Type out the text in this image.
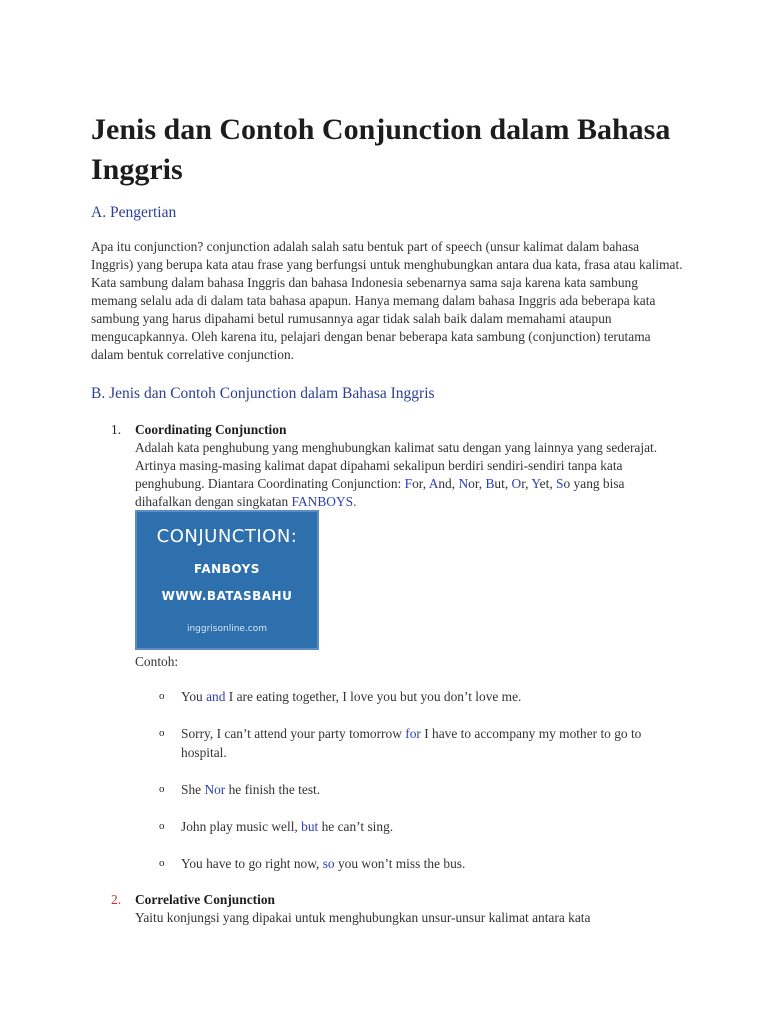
Jenis dan Contoh Conjunction dalam Bahasa Inggris
A. Pengertian

Apa itu conjunction? conjunction adalah salah satu bentuk part of speech (unsur kalimat dalam bahasa Inggris) yang berupa kata atau frase yang berfungsi untuk menghubungkan antara dua kata, frasa atau kalimat. Kata sambung dalam bahasa Inggris dan bahasa Indonesia sebenarnya sama saja karena kata sambung memang selalu ada di dalam tata bahasa apapun. Hanya memang dalam bahasa Inggris ada beberapa kata sambung yang harus dipahami betul rumusannya agar tidak salah baik dalam memahami ataupun mengucapkannya. Oleh karena itu, pelajari dengan benar beberapa kata sambung (conjunction) terutama dalam bentuk correlative conjunction.

B. Jenis dan Contoh Conjunction dalam Bahasa Inggris
1. Coordinating Conjunction

Adalah kata penghubung yang menghubungkan kalimat satu dengan yang lainnya yang sederajat. Artinya masing-masing kalimat dapat dipahami sekalipun berdiri sendiri-sendiri tanpa kata penghubung. Diantara Coordinating Conjunction: For, And, Nor, But, Or, Yet, So yang bisa dihafalkan dengan singkatan FANBOYS.

CONJUNCTION:
FANBOYS
WWW.BATASBAHU
inggrisonline.com
Contoh:
o You and I are eating together, I love you but you don’t love me.

o Sorry, I can’t attend your party tomorrow for I have to accompany my mother to go to hospital.

o She Nor he finish the test.

o John play music well, but he can’t sing.

o You have to go right now, so you won’t miss the bus.

2. Correlative Conjunction

Yaitu konjungsi yang dipakai untuk menghubungkan unsur-unsur kalimat antara kata
